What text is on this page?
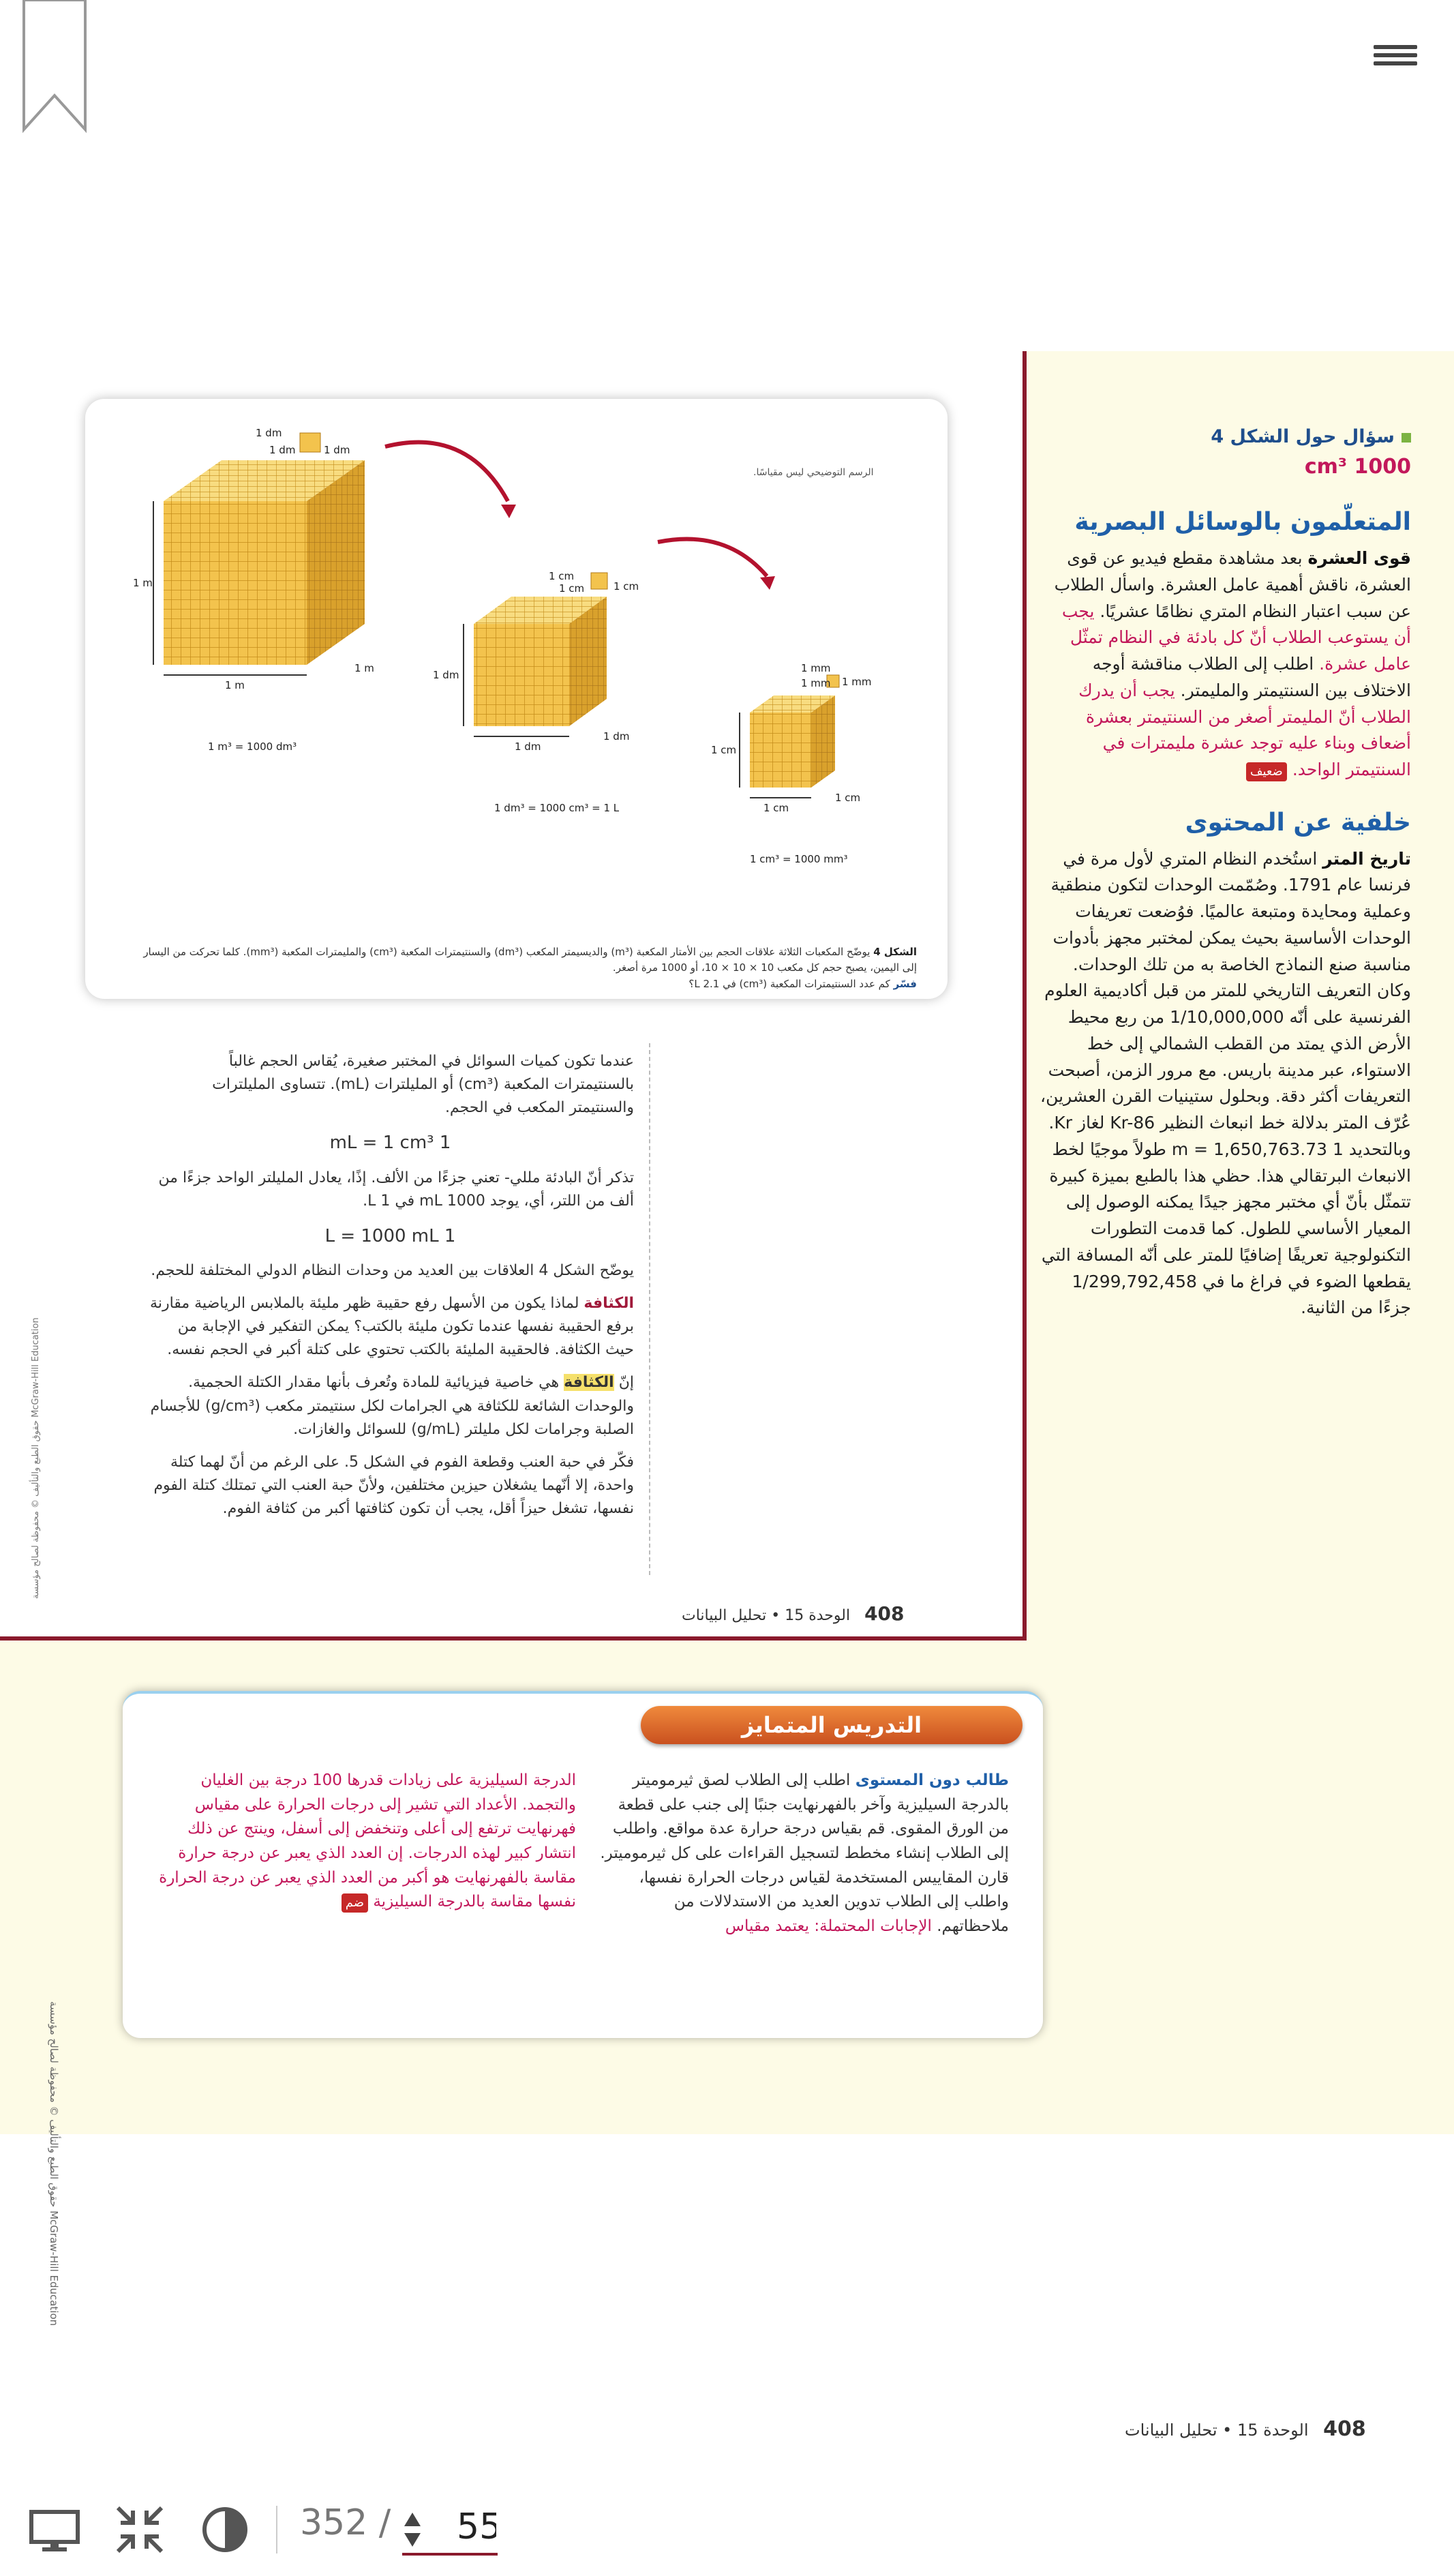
1 dm
1 dm
1 dm
1 m
1 m
1 m
1 m³ = 1000 dm³
1 cm
1 cm
1 cm
1 dm
1 dm
1 dm
1 dm³ = 1000 cm³ = 1 L
1 mm
1 mm
1 mm
1 cm
1 cm
1 cm
1 cm³ = 1000 mm³
الرسم التوضيحي ليس مقياسًا.
الشكل 4 يوضّح المكعبات الثلاثة علاقات الحجم بين الأمتار المكعبة (m³) والديسيمتر المكعب (dm³) والسنتيمترات المكعبة (cm³) والمليمترات المكعبة (mm³). كلما تحركت من اليسار إلى اليمين، يصبح حجم كل مكعب 10 × 10 × 10، أو 1000 مرة أصغر.
فسّر كم عدد السنتيمترات المكعبة (cm³) في L 2.1؟

عندما تكون كميات السوائل في المختبر صغيرة، يُقاس الحجم غالباً بالسنتيمترات المكعبة (cm³) أو المليلترات (mL). تتساوى المليلترات والسنتيمتر المكعب في الحجم.

1 mL = 1 cm³

تذكر أنّ البادئة مللي- تعني جزءًا من الألف. إذًا، يعادل المليلتر الواحد جزءًا من ألف من اللتر، أي، يوجد 1000 mL في 1 L.

1 L = 1000 mL

يوضّح الشكل 4 العلاقات بين العديد من وحدات النظام الدولي المختلفة للحجم.

الكثافة لماذا يكون من الأسهل رفع حقيبة ظهر مليئة بالملابس الرياضية مقارنة برفع الحقيبة نفسها عندما تكون مليئة بالكتب؟ يمكن التفكير في الإجابة من حيث الكثافة. فالحقيبة المليئة بالكتب تحتوي على كتلة أكبر في الحجم نفسه.

إنّ الكثافة هي خاصية فيزيائية للمادة وتُعرف بأنها مقدار الكتلة الحجمية. والوحدات الشائعة للكثافة هي الجرامات لكل سنتيمتر مكعب (g/cm³) للأجسام الصلبة وجرامات لكل مليلتر (g/mL) للسوائل والغازات.

فكّر في حبة العنب وقطعة الفوم في الشكل 5. على الرغم من أنّ لهما كتلة واحدة، إلا أنّهما يشغلان حيزين مختلفين، ولأنّ حبة العنب التي تمتلك كتلة الفوم نفسها، تشغل حيزاً أقل، يجب أن تكون كثافتها أكبر من كثافة الفوم.

حقوق الطبع والتأليف © محفوظة لصالح مؤسسة McGraw-Hill Education
408 الوحدة 15 • تحليل البيانات
سؤال حول الشكل 4
1000 cm³
المتعلّمون بالوسائل البصرية

قوى العشرة بعد مشاهدة مقطع فيديو عن قوى العشرة، ناقش أهمية عامل العشرة. واسأل الطلاب عن سبب اعتبار النظام المتري نظامًا عشريًا. يجب أن يستوعب الطلاب أنّ كل بادئة في النظام تمثّل عامل عشرة. اطلب إلى الطلاب مناقشة أوجه الاختلاف بين السنتيمتر والمليمتر. يجب أن يدرك الطلاب أنّ المليمتر أصغر من السنتيمتر بعشرة أضعاف وبناء عليه توجد عشرة مليمترات في السنتيمتر الواحد. ضعيف

خلفية عن المحتوى

تاريخ المتر استُخدم النظام المتري لأول مرة في فرنسا عام 1791. وصُمّمت الوحدات لتكون منطقية وعملية ومحايدة ومتبعة عالميًا. فوُضعت تعريفات الوحدات الأساسية بحيث يمكن لمختبر مجهز بأدوات مناسبة صنع النماذج الخاصة به من تلك الوحدات. وكان التعريف التاريخي للمتر من قبل أكاديمية العلوم الفرنسية على أنّه 1/10,000,000 من ربع محيط الأرض الذي يمتد من القطب الشمالي إلى خط الاستواء، عبر مدينة باريس. مع مرور الزمن، أصبحت التعريفات أكثر دقة. وبحلول ستينيات القرن العشرين، عُرّف المتر بدلالة خط انبعاث النظير Kr-86 لغاز Kr. وبالتحديد 1 m = 1,650,763.73 طولاً موجيًا لخط الانبعاث البرتقالي هذا. حظي هذا بالطبع بميزة كبيرة تتمثّل بأنّ أي مختبر مجهز جيدًا يمكنه الوصول إلى المعيار الأساسي للطول. كما قدمت التطورات التكنولوجية تعريفًا إضافيًا للمتر على أنّه المسافة التي يقطعها الضوء في فراغ ما في 1/299,792,458 جزءًا من الثانية.

حقوق الطبع والتأليف © محفوظة لصالح مؤسسة McGraw-Hill Education
التدريس المتمايز
طالب دون المستوى اطلب إلى الطلاب لصق ثيرموميتر بالدرجة السيليزية وآخر بالفهرنهايت جنبًا إلى جنب على قطعة من الورق المقوى. قم بقياس درجة حرارة عدة مواقع. واطلب إلى الطلاب إنشاء مخطط لتسجيل القراءات على كل ثيرموميتر. قارن المقاييس المستخدمة لقياس درجات الحرارة نفسها، واطلب إلى الطلاب تدوين العديد من الاستدلالات من ملاحظاتهم. الإجابات المحتملة: يعتمد مقياس
الدرجة السيليزية على زيادات قدرها 100 درجة بين الغليان والتجمد. الأعداد التي تشير إلى درجات الحرارة على مقياس فهرنهايت ترتفع إلى أعلى وتنخفض إلى أسفل، وينتج عن ذلك انتشار كبير لهذه الدرجات. إن العدد الذي يعبر عن درجة حرارة مقاسة بالفهرنهايت هو أكبر من العدد الذي يعبر عن درجة الحرارة نفسها مقاسة بالدرجة السيليزية ضم
408 الوحدة 15 • تحليل البيانات
352 /
55
